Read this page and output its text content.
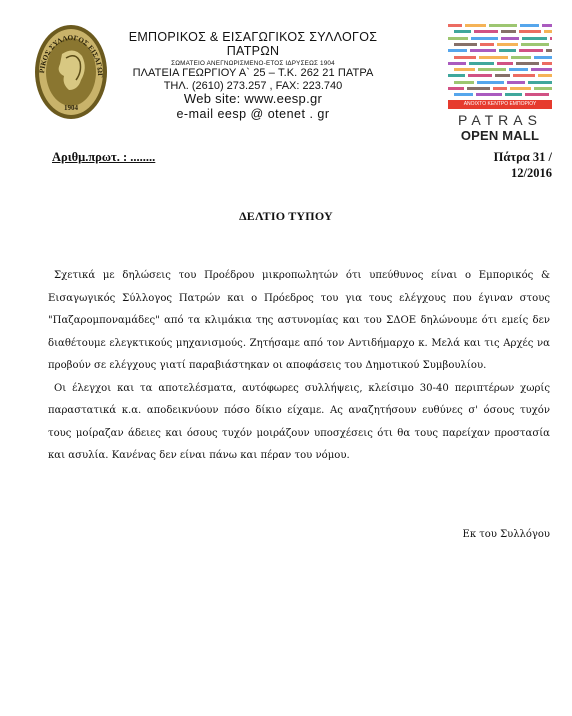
ΡΙΚΟΣ ΣΥΛΛΟΓΟΣ ΕΙΣΑΓΩΓ
1904
ΕΜΠΟΡΙΚΟΣ & ΕΙΣΑΓΩΓΙΚΟΣ ΣΥΛΛΟΓΟΣ
ΠΑΤΡΩΝ
ΣΩΜΑΤΕΙΟ ΑΝΕΓΝΩΡΙΣΜΕΝΟ-ΕΤΟΣ ΙΔΡΥΣΕΩΣ 1904
ΠΛΑΤΕΙΑ ΓΕΩΡΓΙΟΥ Α` 25 – Τ.Κ. 262 21 ΠΑΤΡΑ
ΤΗΛ. (2610) 273.257 , FAX: 223.740
Web site: www.eesp.gr
e-mail eesp @ otenet . gr
ΑΝΟΙΧΤΟ ΚΕΝΤΡΟ ΕΜΠΟΡΙΟΥ
PATRAS
OPEN MALL
Αριθμ.πρωτ. : ........	Πάτρα 31 /
12/2016
ΔΕΛΤΙΟ ΤΥΠΟΥ

Σχετικά με δηλώσεις του Προέδρου μικροπωλητών ότι υπεύθυνος είναι ο Εμπορικός & Εισαγωγικός Σύλλογος Πατρών και ο Πρόεδρος του για τους ελέγχους που έγιναν στους "Παζαρομποναμάδες" από τα κλιμάκια της αστυνομίας και του ΣΔΟΕ δηλώνουμε ότι εμείς δεν διαθέτουμε ελεγκτικούς μηχανισμούς. Ζητήσαμε από τον Αντιδήμαρχο κ. Μελά και τις Αρχές να προβούν σε ελέγχους γιατί παραβιάστηκαν οι αποφάσεις του Δημοτικού Συμβουλίου.

Οι έλεγχοι και τα αποτελέσματα, αυτόφωρες συλλήψεις, κλείσιμο 30-40 περιπτέρων χωρίς παραστατικά κ.α. αποδεικνύουν πόσο δίκιο είχαμε. Ας αναζητήσουν ευθύνες σ' όσους τυχόν τους μοίραζαν άδειες και όσους τυχόν μοιράζουν υποσχέσεις ότι θα τους παρείχαν προστασία και ασυλία. Κανένας δεν είναι πάνω και πέραν του νόμου.

Εκ του Συλλόγου
